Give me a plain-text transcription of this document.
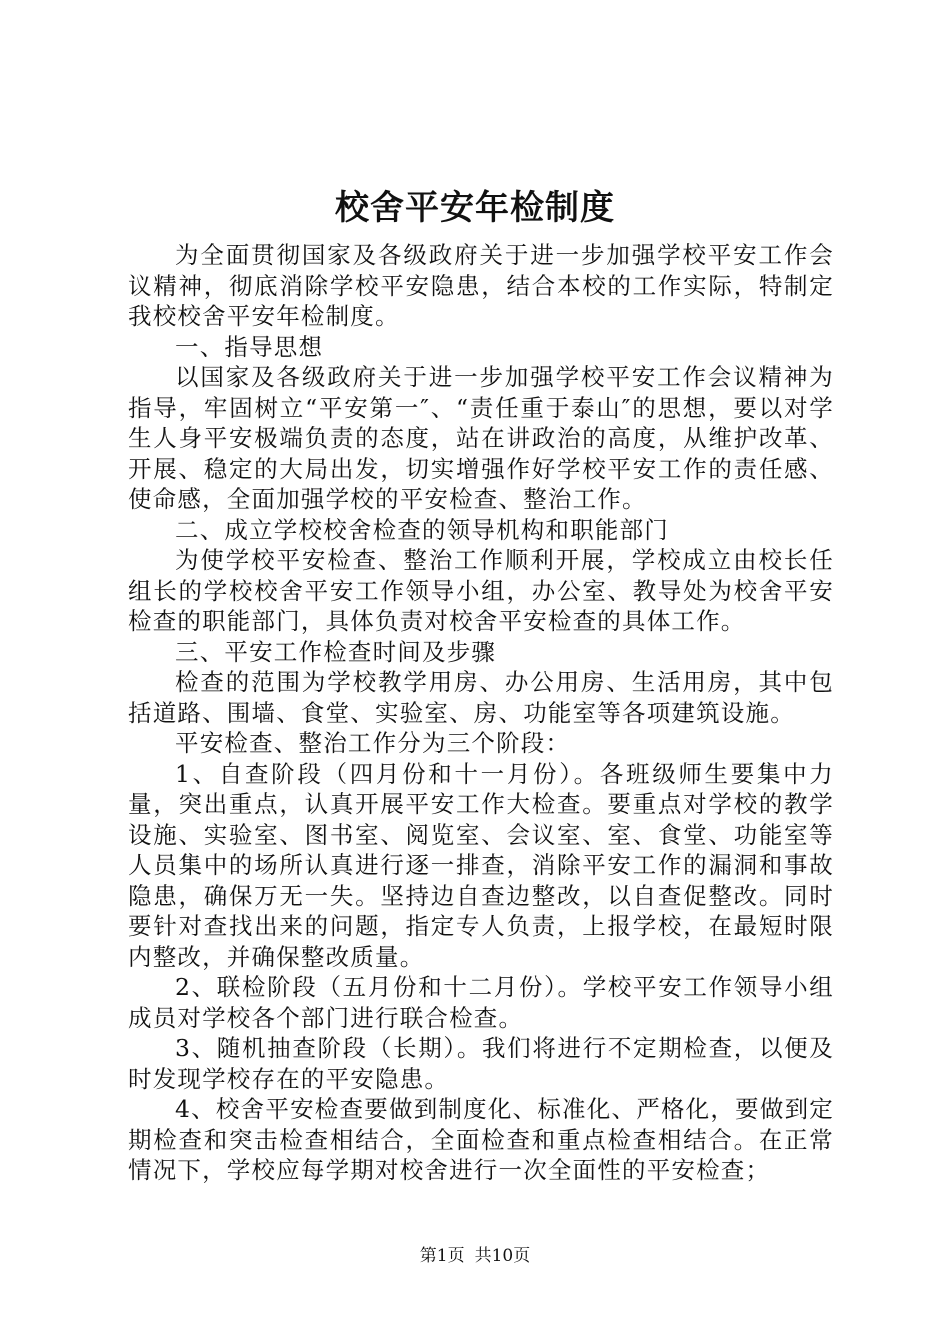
校舍平安年检制度

为全面贯彻国家及各级政府关于进一步加强学校平安工作会议精神，彻底消除学校平安隐患，结合本校的工作实际，特制定我校校舍平安年检制度。

一、指导思想

以国家及各级政府关于进一步加强学校平安工作会议精神为指导，牢固树立“平安第一″、“责任重于泰山″的思想，要以对学生人身平安极端负责的态度，站在讲政治的高度，从维护改革、开展、稳定的大局出发，切实增强作好学校平安工作的责任感、使命感，全面加强学校的平安检查、整治工作。

二、成立学校校舍检查的领导机构和职能部门

为使学校平安检查、整治工作顺利开展，学校成立由校长任组长的学校校舍平安工作领导小组，办公室、教导处为校舍平安检查的职能部门，具体负责对校舍平安检查的具体工作。

三、平安工作检查时间及步骤

检查的范围为学校教学用房、办公用房、生活用房，其中包括道路、围墙、食堂、实验室、房、功能室等各项建筑设施。

平安检查、整治工作分为三个阶段：

1、自查阶段（四月份和十一月份）。各班级师生要集中力量，突出重点，认真开展平安工作大检查。要重点对学校的教学设施、实验室、图书室、阅览室、会议室、室、食堂、功能室等人员集中的场所认真进行逐一排查，消除平安工作的漏洞和事故隐患，确保万无一失。坚持边自查边整改，以自查促整改。同时要针对查找出来的问题，指定专人负责，上报学校，在最短时限内整改，并确保整改质量。

2、联检阶段（五月份和十二月份）。学校平安工作领导小组成员对学校各个部门进行联合检查。

3、随机抽查阶段（长期）。我们将进行不定期检查，以便及时发现学校存在的平安隐患。

4、校舍平安检查要做到制度化、标准化、严格化，要做到定期检查和突击检查相结合，全面检查和重点检查相结合。在正常情况下，学校应每学期对校舍进行一次全面性的平安检查；

第1页 共10页
